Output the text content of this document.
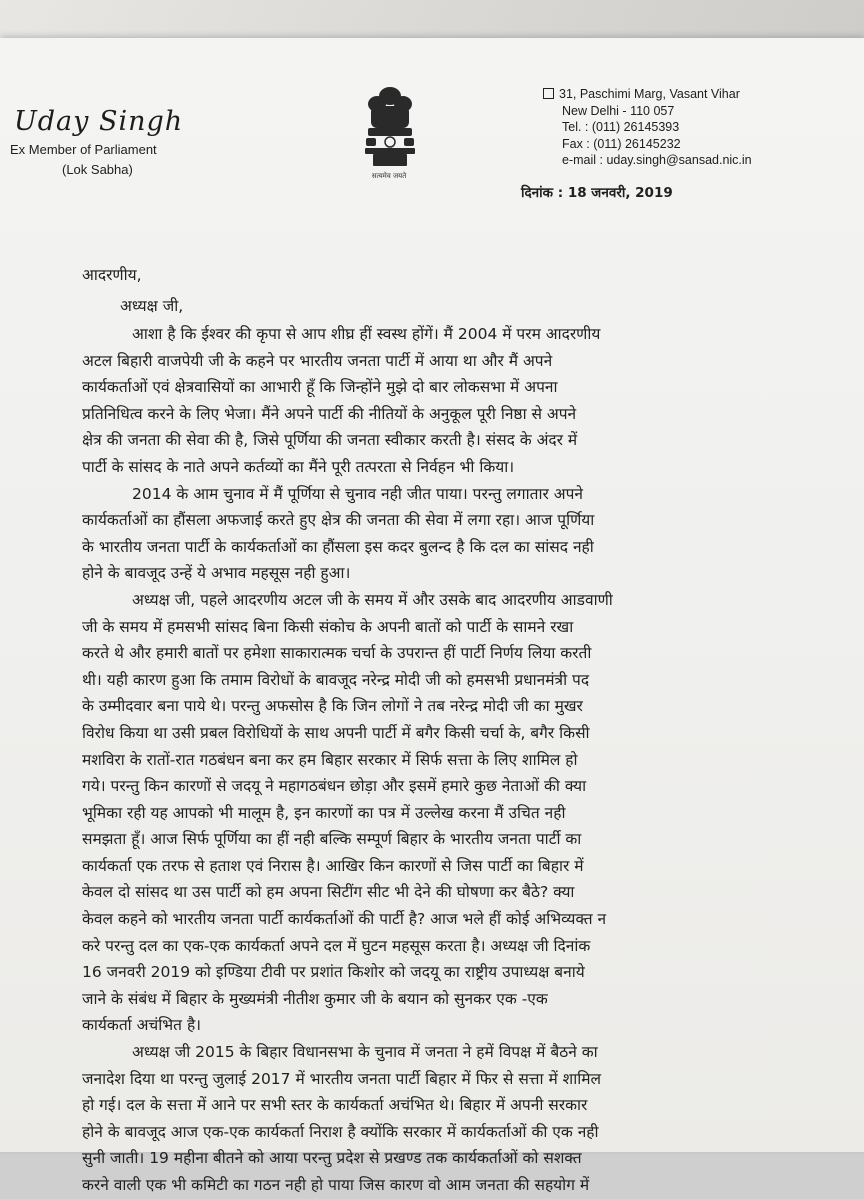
Uday Singh
Ex Member of Parliament
(Lok Sabha)	सत्यमेव जयते
31, Paschimi Marg, Vasant Vihar
New Delhi - 110 057
Tel. : (011) 26145393
Fax : (011) 26145232
e-mail : uday.singh@sansad.nic.in
दिनांक : 18 जनवरी, 2019

आदरणीय,

अध्यक्ष जी,

आशा है कि ईश्वर की कृपा से आप शीघ्र हीं स्वस्थ होंगें। मैं 2004 में परम आदरणीय

अटल बिहारी वाजपेयी जी के कहने पर भारतीय जनता पार्टी में आया था और मैं अपने

कार्यकर्ताओं एवं क्षेत्रवासियों का आभारी हूँ कि जिन्होंने मुझे दो बार लोकसभा में अपना

प्रतिनिधित्व करने के लिए भेजा। मैंने अपने पार्टी की नीतियों के अनुकूल पूरी निष्ठा से अपने

क्षेत्र की जनता की सेवा की है, जिसे पूर्णिया की जनता स्वीकार करती है। संसद के अंदर में

पार्टी के सांसद के नाते अपने कर्तव्यों का मैंने पूरी तत्परता से निर्वहन भी किया।

2014 के आम चुनाव में मैं पूर्णिया से चुनाव नही जीत पाया। परन्तु लगातार अपने

कार्यकर्ताओं का हौंसला अफजाई करते हुए क्षेत्र की जनता की सेवा में लगा रहा। आज पूर्णिया

के भारतीय जनता पार्टी के कार्यकर्ताओं का हौंसला इस कदर बुलन्द है कि दल का सांसद नही

होने के बावजूद उन्हें ये अभाव महसूस नही हुआ।

अध्यक्ष जी, पहले आदरणीय अटल जी के समय में और उसके बाद आदरणीय आडवाणी

जी के समय में हमसभी सांसद बिना किसी संकोच के अपनी बातों को पार्टी के सामने रखा

करते थे और हमारी बातों पर हमेशा साकारात्मक चर्चा के उपरान्त हीं पार्टी निर्णय लिया करती

थी। यही कारण हुआ कि तमाम विरोधों के बावजूद नरेन्द्र मोदी जी को हमसभी प्रधानमंत्री पद

के उम्मीदवार बना पाये थे। परन्तु अफसोस है कि जिन लोगों ने तब नरेन्द्र मोदी जी का मुखर

विरोध किया था उसी प्रबल विरोधियों के साथ अपनी पार्टी में बगैर किसी चर्चा के, बगैर किसी

मशविरा के रातों-रात गठबंधन बना कर हम बिहार सरकार में सिर्फ सत्ता के लिए शामिल हो

गये। परन्तु किन कारणों से जदयू ने महागठबंधन छोड़ा और इसमें हमारे कुछ नेताओं की क्या

भूमिका रही यह आपको भी मालूम है, इन कारणों का पत्र में उल्लेख करना मैं उचित नही

समझता हूँ। आज सिर्फ पूर्णिया का हीं नही बल्कि सम्पूर्ण बिहार के भारतीय जनता पार्टी का

कार्यकर्ता एक तरफ से हताश एवं निरास है। आखिर किन कारणों से जिस पार्टी का बिहार में

केवल दो सांसद था उस पार्टी को हम अपना सिटींग सीट भी देने की घोषणा कर बैठे? क्या

केवल कहने को भारतीय जनता पार्टी कार्यकर्ताओं की पार्टी है? आज भले हीं कोई अभिव्यक्त न

करे परन्तु दल का एक-एक कार्यकर्ता अपने दल में घुटन महसूस करता है। अध्यक्ष जी दिनांक

16 जनवरी 2019 को इण्डिया टीवी पर प्रशांत किशोर को जदयू का राष्ट्रीय उपाध्यक्ष बनाये

जाने के संबंध में बिहार के मुख्यमंत्री नीतीश कुमार जी के बयान को सुनकर एक -एक

कार्यकर्ता अचंभित है।

अध्यक्ष जी 2015 के बिहार विधानसभा के चुनाव में जनता ने हमें विपक्ष में बैठने का

जनादेश दिया था परन्तु जुलाई 2017 में भारतीय जनता पार्टी बिहार में फिर से सत्ता में शामिल

हो गई। दल के सत्ता में आने पर सभी स्तर के कार्यकर्ता अचंभित थे। बिहार में अपनी सरकार

होने के बावजूद आज एक-एक कार्यकर्ता निराश है क्योंकि सरकार में कार्यकर्ताओं की एक नही

सुनी जाती। 19 महीना बीतने को आया परन्तु प्रदेश से प्रखण्ड तक कार्यकर्ताओं को सशक्त

करने वाली एक भी कमिटी का गठन नही हो पाया जिस कारण वो आम जनता की सहयोग में
